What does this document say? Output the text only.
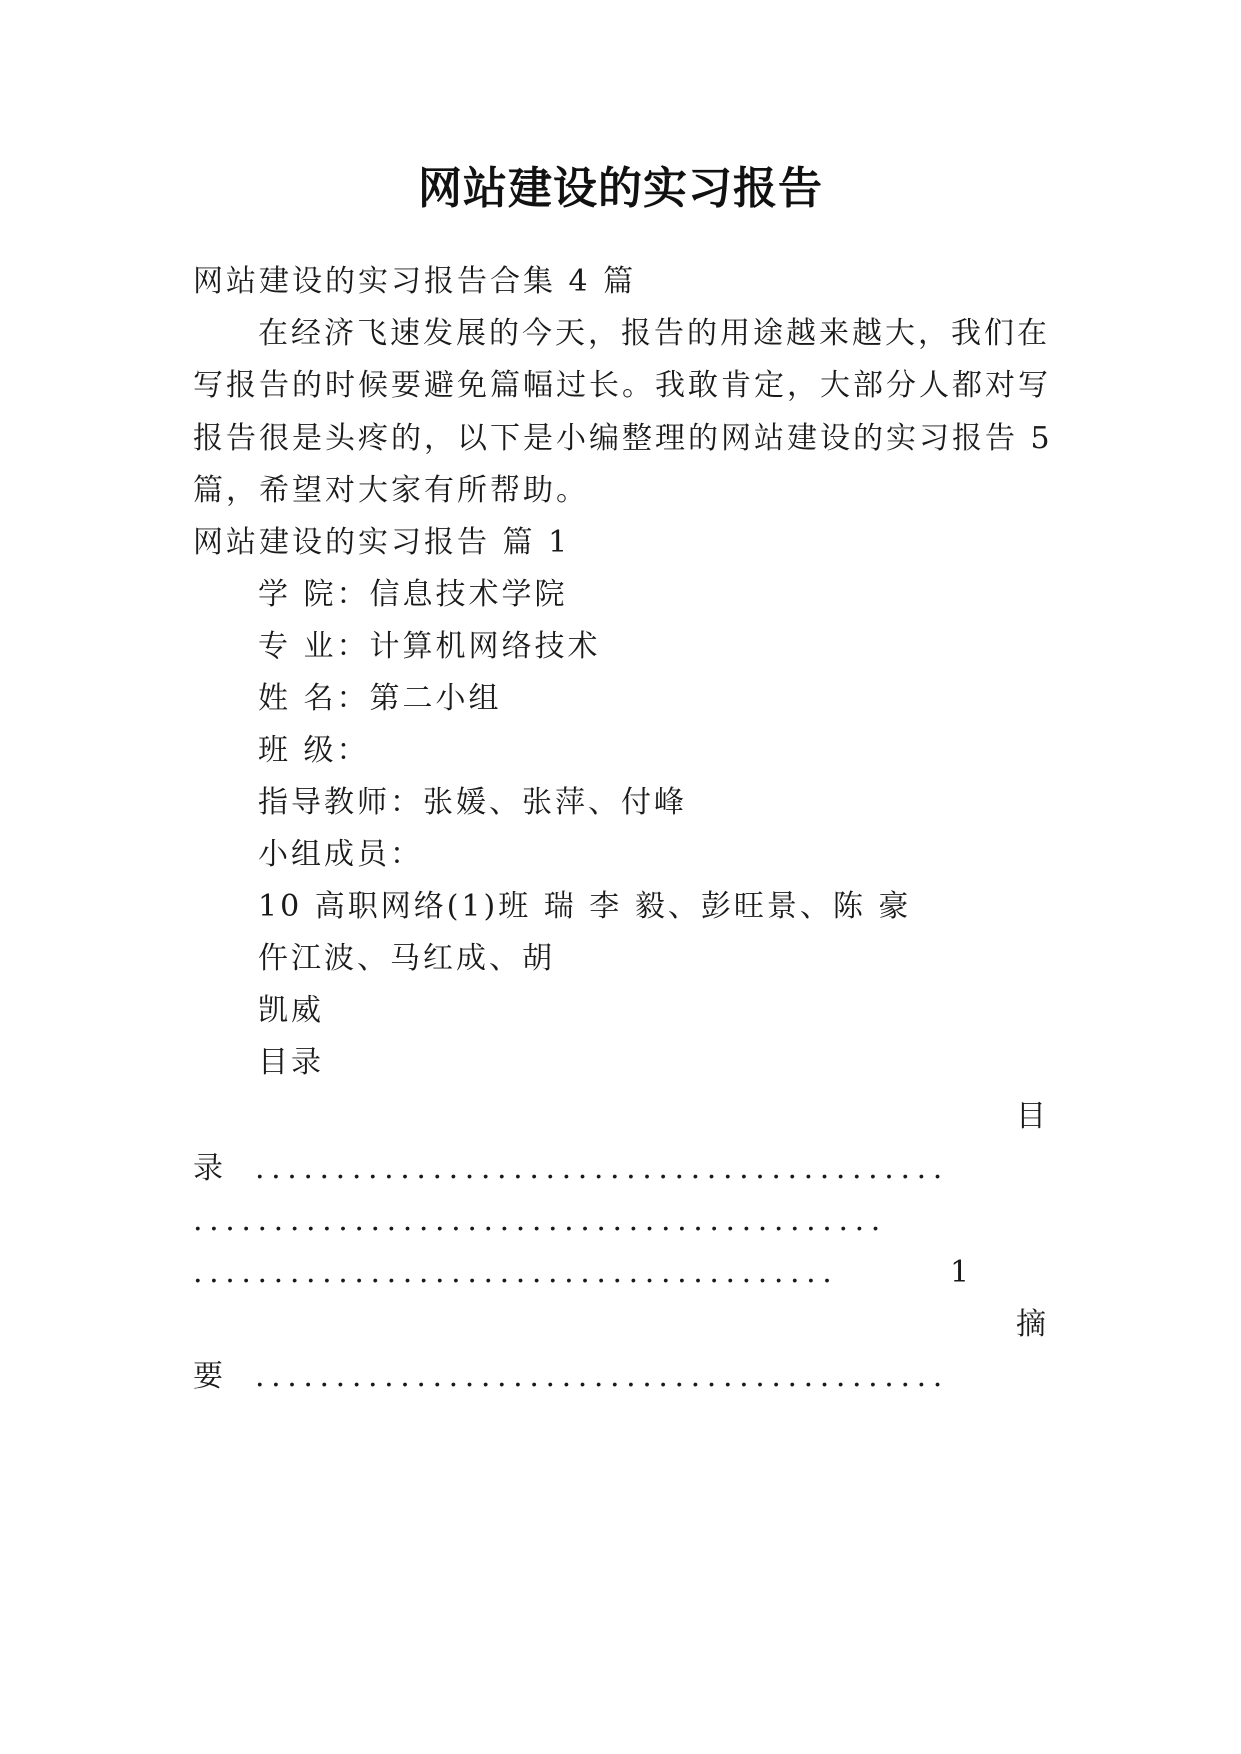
网站建设的实习报告
网站建设的实习报告合集 4 篇
在经济飞速发展的今天，报告的用途越来越大，我们在
写报告的时候要避免篇幅过长。我敢肯定，大部分人都对写
报告很是头疼的，以下是小编整理的网站建设的实习报告 5
篇，希望对大家有所帮助。
网站建设的实习报告 篇 1
学 院：信息技术学院
专 业：计算机网络技术
姓 名：第二小组
班 级：
指导教师：张媛、张萍、付峰
小组成员：
10 高职网络(1)班 瑞 李 毅、彭旺景、陈 豪
仵江波、马红成、胡
凯威
目录
目
录 ...........................................
...........................................
........................................	1
摘
要 ...........................................
